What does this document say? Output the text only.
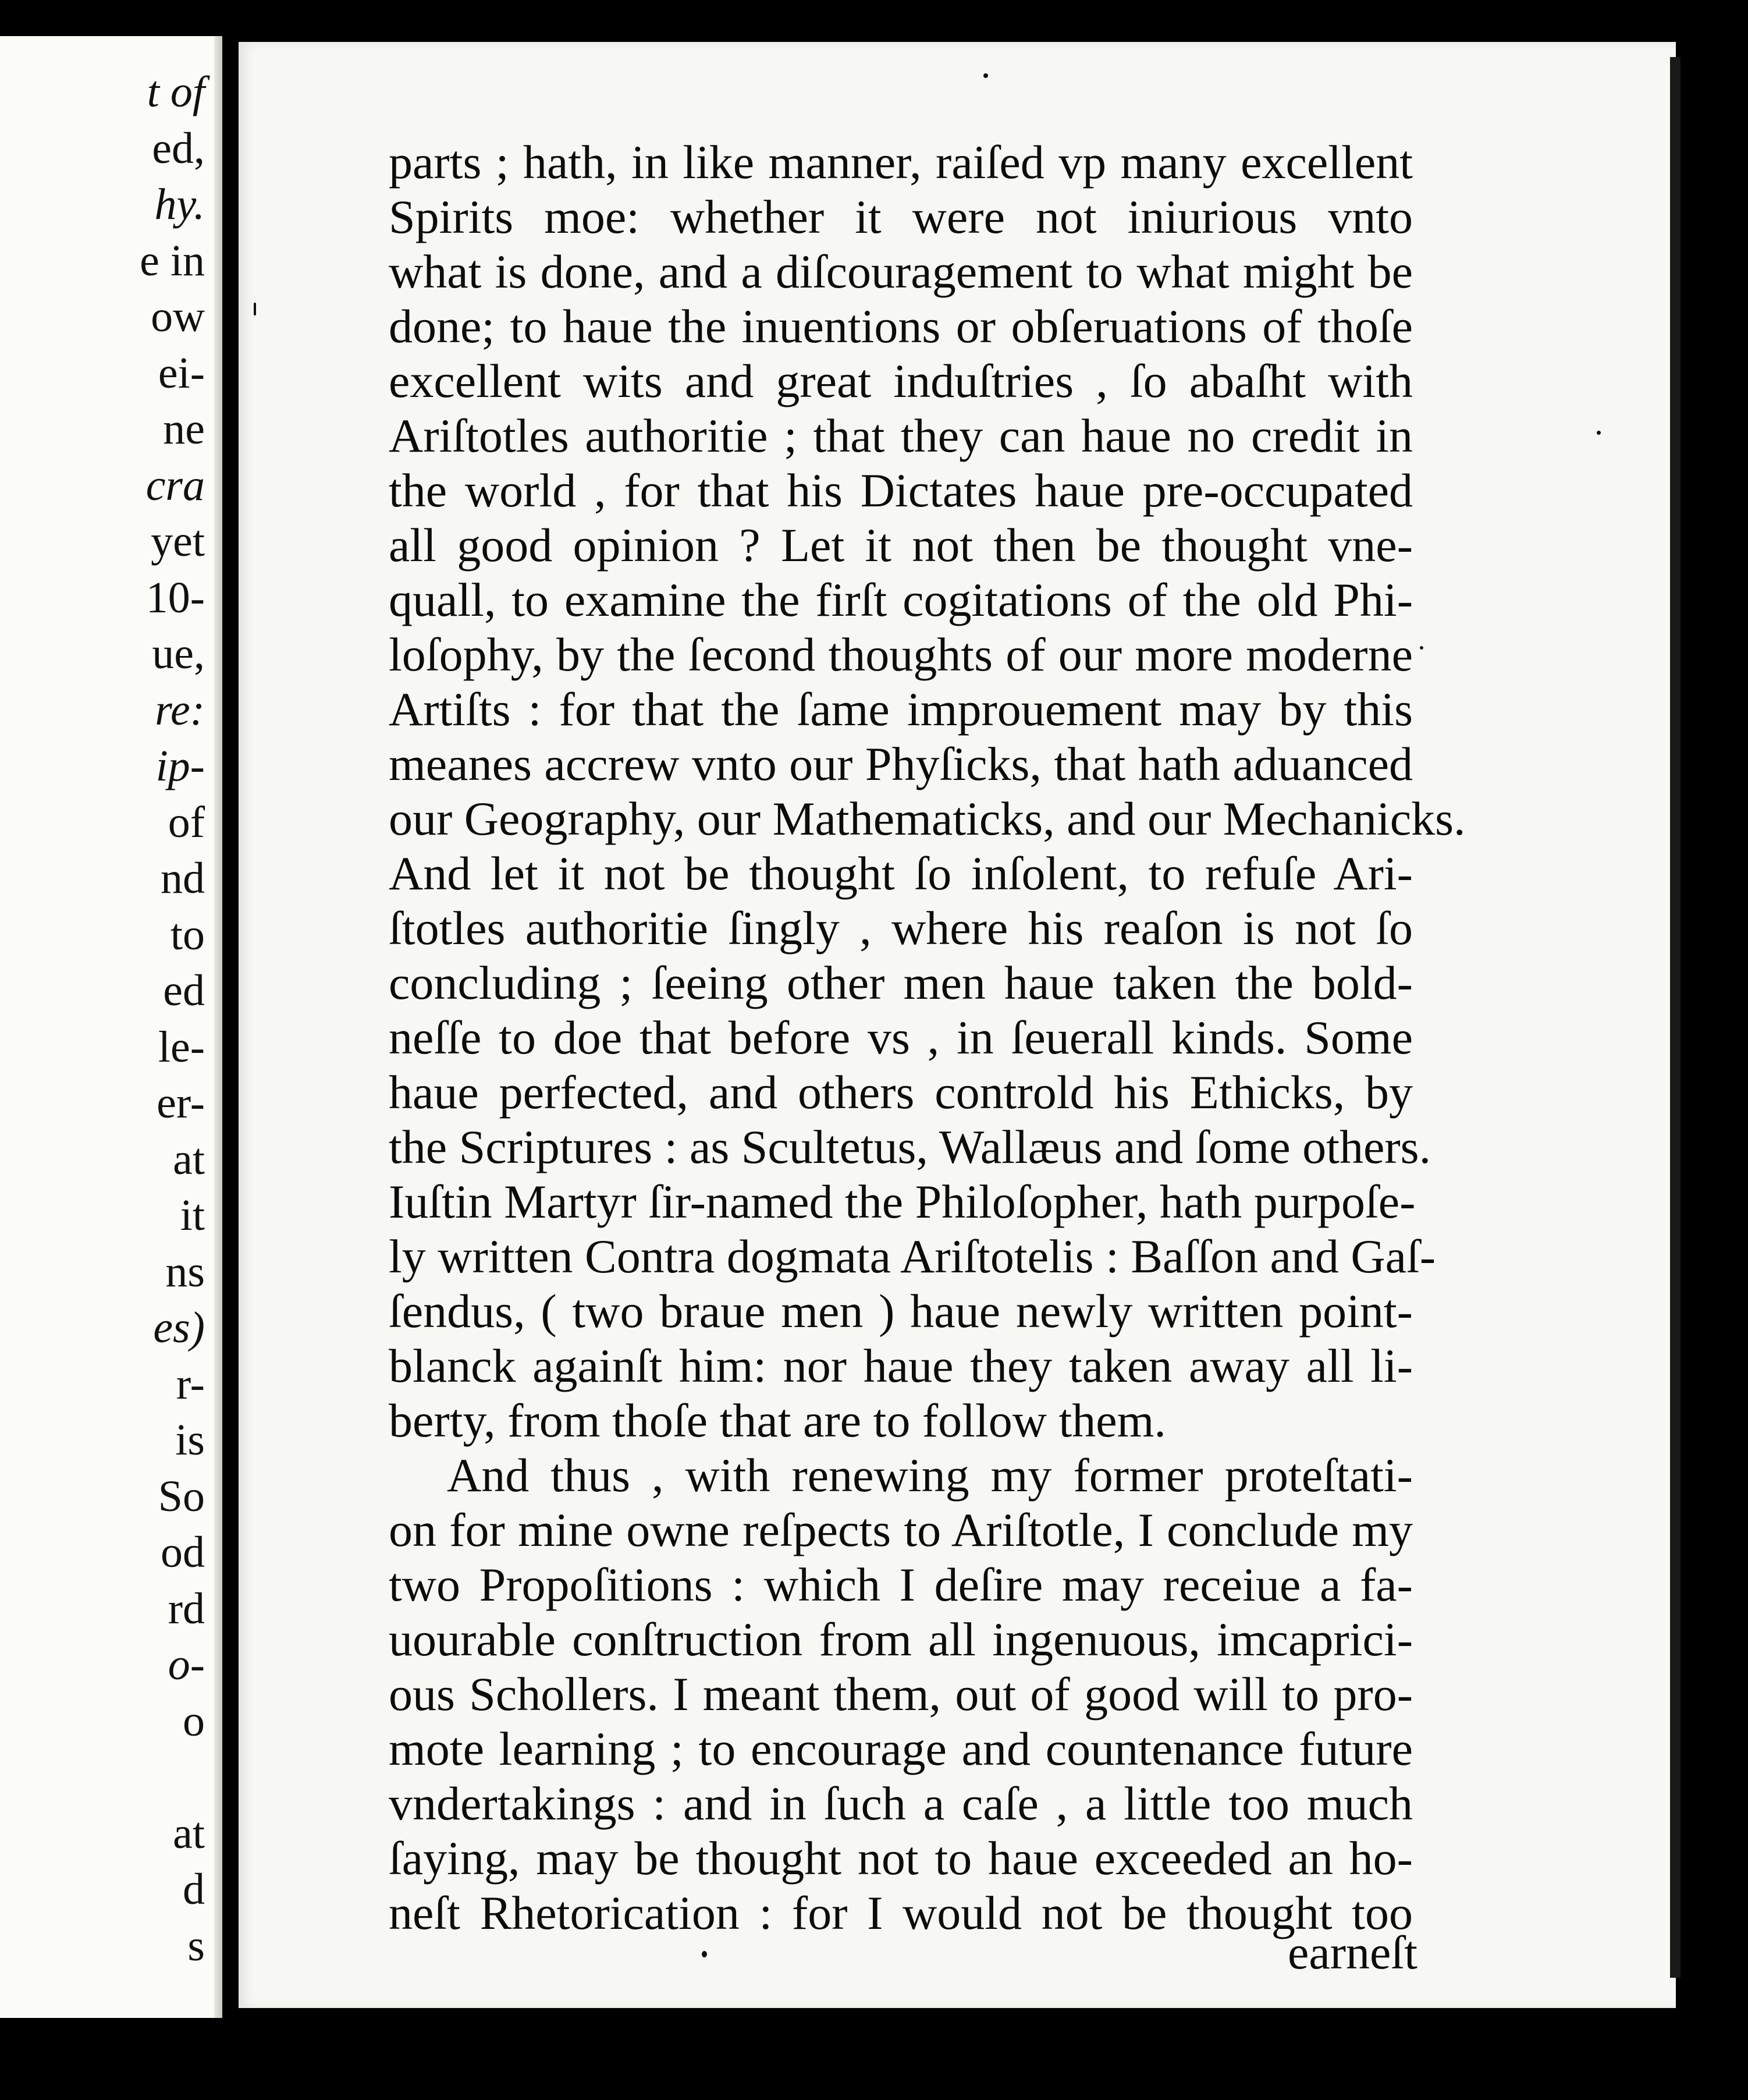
t of

ed,

hy.

e in

ow

ei-

ne

cra

yet

10-

ue,

re:

ip-

of

nd

to

ed

le-

er-

at

it

ns

es)

r-

is

So

od

rd

o-

o

at

d

s

parts ; hath, in like manner, raiſed vp many excellent
Spirits moe: whether it were not iniurious vnto
what is done, and a diſcouragement to what might be
done; to haue the inuentions or obſeruations of thoſe
excellent wits and great induſtries , ſo abaſht with
Ariſtotles authoritie ; that they can haue no credit in
the world , for that his Dictates haue pre-occupated
all good opinion ? Let it not then be thought vne-
quall, to examine the firſt cogitations of the old Phi-
loſophy, by the ſecond thoughts of our more moderne
Artiſts : for that the ſame improuement may by this
meanes accrew vnto our Phyſicks, that hath aduanced
our Geography, our Mathematicks, and our Mechanicks.
And let it not be thought ſo inſolent, to refuſe Ari-
ſtotles authoritie ſingly , where his reaſon is not ſo
concluding ; ſeeing other men haue taken the bold-
neſſe to doe that before vs , in ſeuerall kinds. Some
haue perfected, and others controld his Ethicks, by
the Scriptures : as Scultetus, Wallæus and ſome others.
Iuſtin Martyr ſir-named the Philoſopher, hath purpoſe-
ly written Contra dogmata Ariſtotelis : Baſſon and Gaſ-
ſendus, ( two braue men ) haue newly written point-
blanck againſt him: nor haue they taken away all li-
berty, from thoſe that are to follow them.
And thus , with renewing my former proteſtati-
on for mine owne reſpects to Ariſtotle, I conclude my
two Propoſitions : which I deſire may receiue a fa-
uourable conſtruction from all ingenuous, imcaprici-
ous Schollers. I meant them, out of good will to pro-
mote learning ; to encourage and countenance future
vndertakings : and in ſuch a caſe , a little too much
ſaying, may be thought not to haue exceeded an ho-
neſt Rhetorication : for I would not be thought too
earneſt
